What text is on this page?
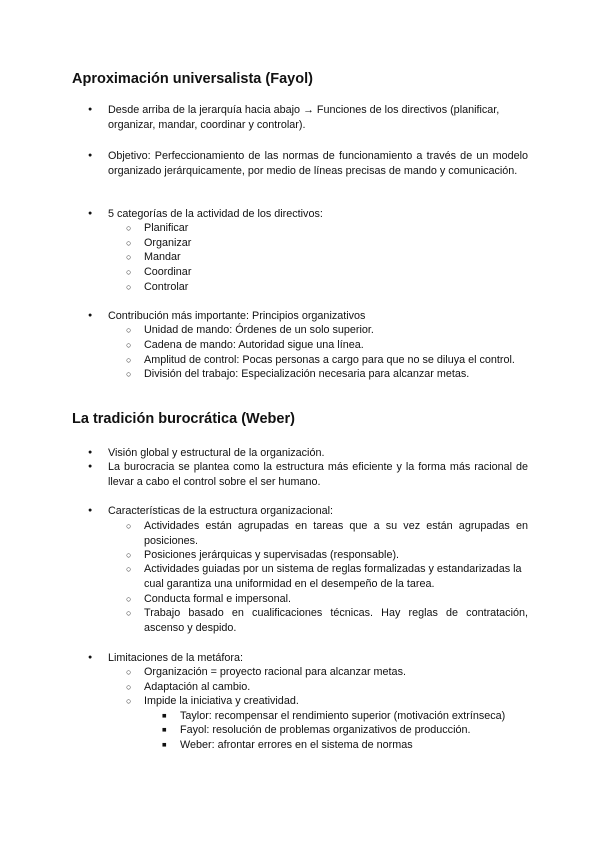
Aproximación universalista (Fayol)

● Desde arriba de la jerarquía hacia abajo → Funciones de los directivos (planificar, organizar, mandar, coordinar y controlar).

● Objetivo: Perfeccionamiento de las normas de funcionamiento a través de un modelo organizado jerárquicamente, por medio de líneas precisas de mando y comunicación.

● 5 categorías de la actividad de los directivos:

○ Planificar

○ Organizar

○ Mandar

○ Coordinar

○ Controlar

● Contribución más importante: Principios organizativos

○ Unidad de mando: Órdenes de un solo superior.

○ Cadena de mando: Autoridad sigue una línea.

○ Amplitud de control: Pocas personas a cargo para que no se diluya el control.

○ División del trabajo: Especialización necesaria para alcanzar metas.

La tradición burocrática (Weber)

● Visión global y estructural de la organización.

● La burocracia se plantea como la estructura más eficiente y la forma más racional de llevar a cabo el control sobre el ser humano.

● Características de la estructura organizacional:

○ Actividades están agrupadas en tareas que a su vez están agrupadas en posiciones.

○ Posiciones jerárquicas y supervisadas (responsable).

○ Actividades guiadas por un sistema de reglas formalizadas y estandarizadas la cual garantiza una uniformidad en el desempeño de la tarea.

○ Conducta formal e impersonal.

○ Trabajo basado en cualificaciones técnicas. Hay reglas de contratación, ascenso y despido.

● Limitaciones de la metáfora:

○ Organización = proyecto racional para alcanzar metas.

○ Adaptación al cambio.

○ Impide la iniciativa y creatividad.

■ Taylor: recompensar el rendimiento superior (motivación extrínseca)

■ Fayol: resolución de problemas organizativos de producción.

■ Weber: afrontar errores en el sistema de normas
